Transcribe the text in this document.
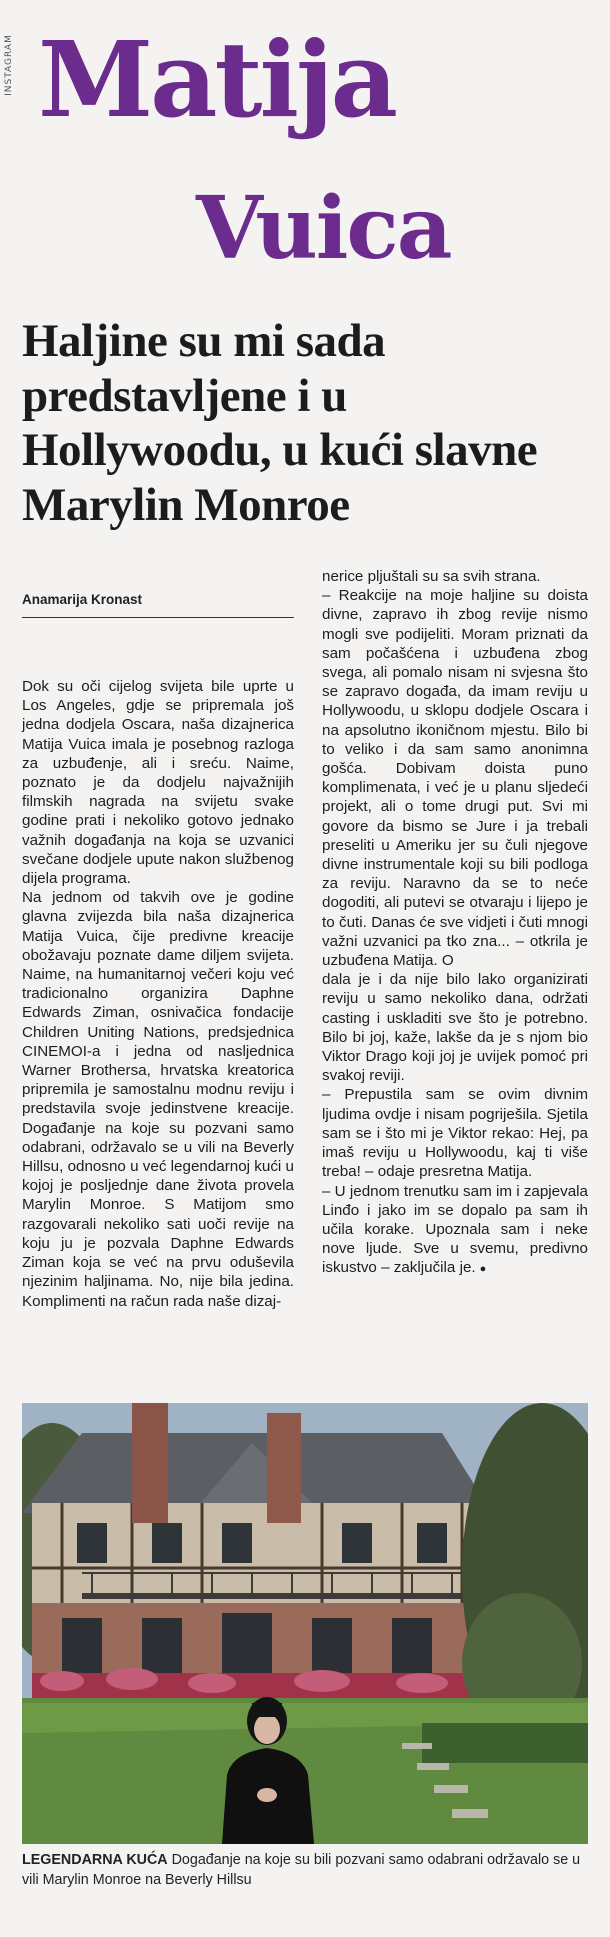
INSTAGRAM Matija
Vuica
Haljine su mi sada predstavljene i u Hollywoodu, u kući slavne Marylin Monroe
Anamarija Kronast

Dok su oči cijelog svijeta bile uprte u Los Angeles, gdje se pripremala još jedna dodjela Oscara, naša dizajnerica Matija Vuica imala je posebnog razloga za uzbuđenje, ali i sreću. Naime, poznato je da dodjelu najvažnijih filmskih nagrada na svijetu svake godine prati i nekoliko gotovo jednako važnih događanja na koja se uzvanici svečane dodjele upute nakon službenog dijela programa.

Na jednom od takvih ove je godine glavna zvijezda bila naša dizajnerica Matija Vuica, čije predivne kreacije obožavaju poznate dame diljem svijeta. Naime, na humanitarnoj večeri koju već tradicionalno organizira Daphne Edwards Ziman, osnivačica fondacije Children Uniting Nations, predsjednica CINEMOI-a i jedna od nasljednica Warner Brothersa, hrvatska kreatorica pripremila je samostalnu modnu reviju i predstavila svoje jedinstvene kreacije. Događanje na koje su pozvani samo odabrani, održavalo se u vili na Beverly Hillsu, odnosno u već legendarnoj kući u kojoj je posljednje dane života provela Marylin Monroe. S Matijom smo razgovarali nekoliko sati uoči revije na koju ju je pozvala Daphne Edwards Ziman koja se već na prvu oduševila njezinim haljinama. No, nije bila jedina. Komplimenti na račun rada naše dizaj-

nerice pljuštali su sa svih strana.

– Reakcije na moje haljine su doista divne, zapravo ih zbog revije nismo mogli sve podijeliti. Moram priznati da sam počašćena i uzbuđena zbog svega, ali pomalo nisam ni svjesna što se zapravo događa, da imam reviju u Hollywoodu, u sklopu dodjele Oscara i na apsolutno ikoničnom mjestu. Bilo bi to veliko i da sam samo anonimna gošća. Dobivam doista puno komplimenata, i već je u planu sljedeći projekt, ali o tome drugi put. Svi mi govore da bismo se Jure i ja trebali preseliti u Ameriku jer su čuli njegove divne instrumentale koji su bili podloga za reviju. Naravno da se to neće dogoditi, ali putevi se otvaraju i lijepo je to čuti. Danas će sve vidjeti i čuti mnogi važni uzvanici pa tko zna... – otkrila je uzbuđena Matija. O

dala je i da nije bilo lako organizirati reviju u samo nekoliko dana, održati casting i uskladiti sve što je potrebno. Bilo bi joj, kaže, lakše da je s njom bio Viktor Drago koji joj je uvijek pomoć pri svakoj reviji.

– Prepustila sam se ovim divnim ljudima ovdje i nisam pogriješila. Sjetila sam se i što mi je Viktor rekao: Hej, pa imaš reviju u Hollywoodu, kaj ti više treba! – odaje presretna Matija.

– U jednom trenutku sam im i zapjevala Linđo i jako im se dopalo pa sam ih učila korake. Upoznala sam i neke nove ljude. Sve u svemu, predivno iskustvo – zaključila je. ●

LEGENDARNA KUĆA Događanje na koje su bili pozvani samo odabrani održavalo se u vili Marylin Monroe na Beverly Hillsu
